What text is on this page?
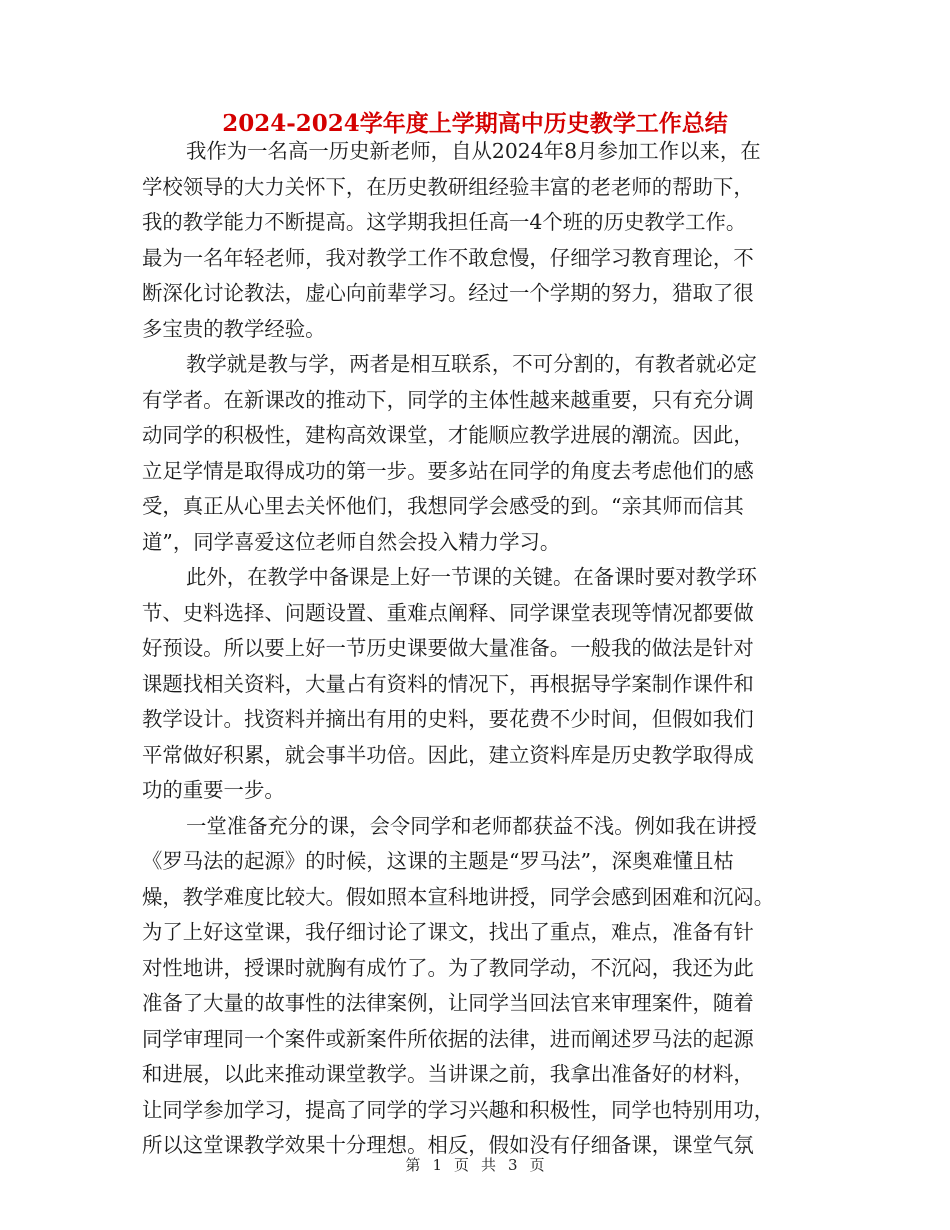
2024-2024学年度上学期高中历史教学工作总结
我作为一名高一历史新老师，自从2024年8月参加工作以来，在
学校领导的大力关怀下，在历史教研组经验丰富的老老师的帮助下，
我的教学能力不断提高。这学期我担任高一4个班的历史教学工作。
最为一名年轻老师，我对教学工作不敢怠慢，仔细学习教育理论，不
断深化讨论教法，虚心向前辈学习。经过一个学期的努力，猎取了很
多宝贵的教学经验。
教学就是教与学，两者是相互联系，不可分割的，有教者就必定
有学者。在新课改的推动下，同学的主体性越来越重要，只有充分调
动同学的积极性，建构高效课堂，才能顺应教学进展的潮流。因此，
立足学情是取得成功的第一步。要多站在同学的角度去考虑他们的感
受，真正从心里去关怀他们，我想同学会感受的到。“亲其师而信其
道”，同学喜爱这位老师自然会投入精力学习。
此外，在教学中备课是上好一节课的关键。在备课时要对教学环
节、史料选择、问题设置、重难点阐释、同学课堂表现等情况都要做
好预设。所以要上好一节历史课要做大量准备。一般我的做法是针对
课题找相关资料，大量占有资料的情况下，再根据导学案制作课件和
教学设计。找资料并摘出有用的史料，要花费不少时间，但假如我们
平常做好积累，就会事半功倍。因此，建立资料库是历史教学取得成
功的重要一步。
一堂准备充分的课，会令同学和老师都获益不浅。例如我在讲授
《罗马法的起源》的时候，这课的主题是“罗马法”，深奥难懂且枯
燥，教学难度比较大。假如照本宣科地讲授，同学会感到困难和沉闷。
为了上好这堂课，我仔细讨论了课文，找出了重点，难点，准备有针
对性地讲，授课时就胸有成竹了。为了教同学动，不沉闷，我还为此
准备了大量的故事性的法律案例，让同学当回法官来审理案件，随着
同学审理同一个案件或新案件所依据的法律，进而阐述罗马法的起源
和进展，以此来推动课堂教学。当讲课之前，我拿出准备好的材料，
让同学参加学习，提高了同学的学习兴趣和积极性，同学也特别用功，
所以这堂课教学效果十分理想。相反，假如没有仔细备课，课堂气氛
第 1 页 共 3 页
